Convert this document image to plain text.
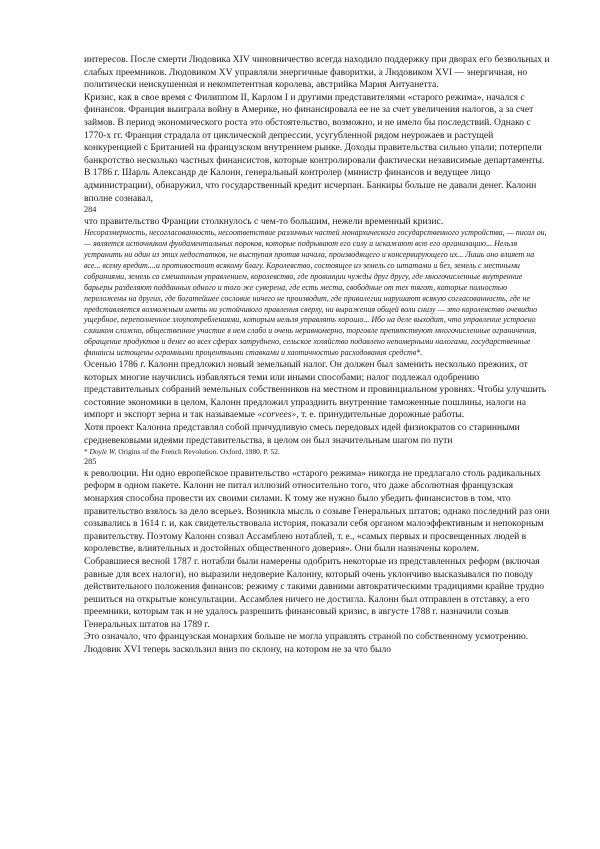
интересов. После смерти Людовика XIV чиновничество всегда находило поддержку при дворах его безвольных и слабых преемников. Людовиком XV управляли энергичные фаворитки, а Людовиком XVI — энергичная, но политически неискушенная и некомпетентная королева, австрийка Мария Антуанетта.

Кризис, как в свое время с Филиппом II, Карлом I и другими представителями «старого режима», начался с финансов. Франция выиграла войну в Америке, но финансировала ее не за счет увеличения налогов, а за счет займов. В период экономического роста это обстоятельство, возможно, и не имело бы последствий. Однако с 1770-х гг. Франция страдала от циклической депрессии, усугубленной рядом неурожаев и растущей конкуренцией с Британией на французском внутреннем рынке. Доходы правительства сильно упали; потерпели банкротство несколько частных финансистов, которые контролировали фактически независимые департаменты. В 1786 г. Шарль Александр де Калонн, генеральный контролер (министр финансов и ведущее лицо администрации), обнаружил, что государственный кредит исчерпан. Банкиры больше не давали денег. Калонн вполне сознавал,

284

что правительство Франции столкнулось с чем-то большим, нежели временный кризис.

Несоразмерность, несогласованность, несоответствие различных частей монархического государственного устройства, — писал он, — является источником фундаментальных пороков, которые подрывают его силу и искажают всю его организацию... Нельзя устранить ни один из этих недостатков, не выступая против начала, производящего и консервирующего их... Лишь оно влияет на все... всему вредит....и противостоит всякому благу. Королевство, состоящее из земель со штатами и без, земель с местными собраниями, земель со смешанным управлением, королевство, где провинции чужды друг другу, где многочисленные внутренние барьеры разделяют подданных одного и того же суверена, где есть места, свободные от тех тягот, которые полностью переложены на других, где богатейшее сословие ничего не производит, где привилегии нарушают всякую согласованность, где не представляется возможным иметь ни устойчивого правления сверху, ни выражения общей воли снизу — это королевство очевидно ущербное, переполненное злоупотреблениями, которым нельзя управлять хорошо... Ибо на деле выходит, что управление устроено слишком сложно, общественное участие в нем слабо и очень неравномерно, торговле препятствуют многочисленные ограничения, обращение продуктов и денег во всех сферах затруднено, сельское хозяйство подавлено непомерными налогами, государственные финансы истощены огромными процентными ставками и хаотичностью расходования средств*.

Осенью 1786 г. Калонн предложил новый земельный налог. Он должен был заменить несколько прежних, от которых многие научились избавляться теми или иными способами; налог подлежал одобрению представительных собраний земельных собственников на местном и провинциальном уровнях. Чтобы улучшить состояние экономики в целом, Калонн предложил упразднить внутренние таможенные пошлины, налоги на импорт и экспорт зерна и так называемые «corvees», т. е. принудительные дорожные работы.

Хотя проект Калонна представлял собой причудливую смесь передовых идей физиократов со старинными средневековыми идеями представительства, в целом он был значительным шагом по пути

* Doyle W. Origins of the French Revolution. Oxford, 1980. P. 52.

285

к революции. Ни одно европейское правительство «старого режима» никогда не предлагало столь радикальных реформ в одном пакете. Калонн не питал иллюзий относительно того, что даже абсолютная французская монархия способна провести их своими силами. К тому же нужно было убедить финансистов в том, что правительство взялось за дело всерьез. Возникла мысль о созыве Генеральных штатов; однако последний раз они созывались в 1614 г. и, как свидетельствовала история, показали себя органом малоэффективным и непокорным правительству. Поэтому Калонн созвал Ассамблею нотаблей, т. е., «самых первых и просвещенных людей в королевстве, влиятельных и достойных общественного доверия». Они были назначены королем.

Собравшиеся весной 1787 г. нотабли были намерены одобрить некоторые из представленных реформ (включая равные для всех налоги), но выразили недоверие Калонну, который очень уклончиво высказывался по поводу действительного положения финансов: режиму с такими давними автократическими традициями крайне трудно решиться на открытые консультации. Ассамблея ничего не достигла. Калонн был отправлен в отставку, а его преемники, которым так и не удалось разрешить финансовый кризис, в августе 1788 г. назначили созыв Генеральных штатов на 1789 г.

Это означало, что французская монархия больше не могла управлять страной по собственному усмотрению. Людовик XVI теперь заскользил вниз по склону, на котором не за что было
